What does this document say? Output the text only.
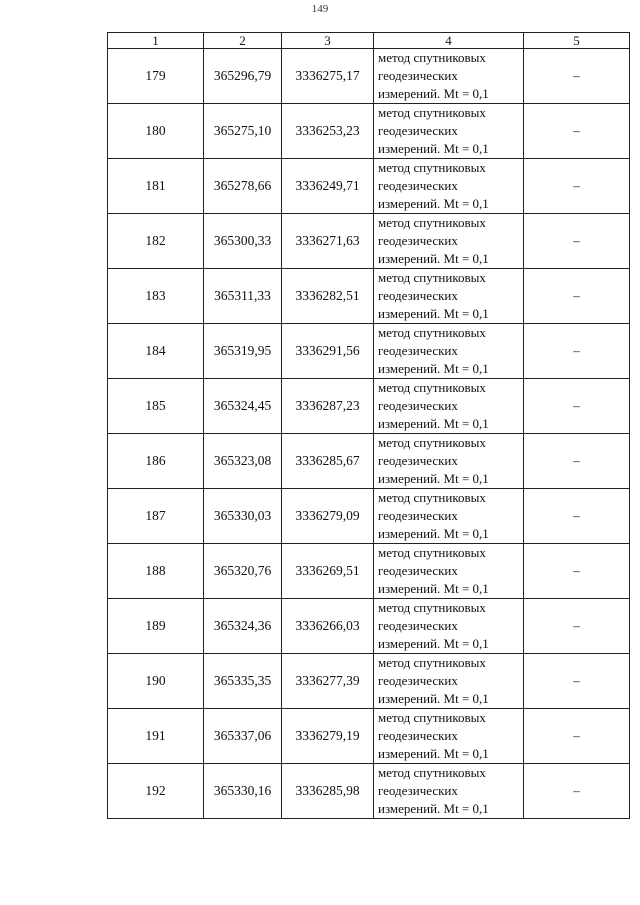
149
1	2	3	4	5
179	365296,79	3336275,17	метод спутниковых
геодезических
измерений. Mt = 0,1	–
180	365275,10	3336253,23	метод спутниковых
геодезических
измерений. Mt = 0,1	–
181	365278,66	3336249,71	метод спутниковых
геодезических
измерений. Mt = 0,1	–
182	365300,33	3336271,63	метод спутниковых
геодезических
измерений. Mt = 0,1	–
183	365311,33	3336282,51	метод спутниковых
геодезических
измерений. Mt = 0,1	–
184	365319,95	3336291,56	метод спутниковых
геодезических
измерений. Mt = 0,1	–
185	365324,45	3336287,23	метод спутниковых
геодезических
измерений. Mt = 0,1	–
186	365323,08	3336285,67	метод спутниковых
геодезических
измерений. Mt = 0,1	–
187	365330,03	3336279,09	метод спутниковых
геодезических
измерений. Mt = 0,1	–
188	365320,76	3336269,51	метод спутниковых
геодезических
измерений. Mt = 0,1	–
189	365324,36	3336266,03	метод спутниковых
геодезических
измерений. Mt = 0,1	–
190	365335,35	3336277,39	метод спутниковых
геодезических
измерений. Mt = 0,1	–
191	365337,06	3336279,19	метод спутниковых
геодезических
измерений. Mt = 0,1	–
192	365330,16	3336285,98	метод спутниковых
геодезических
измерений. Mt = 0,1	–
